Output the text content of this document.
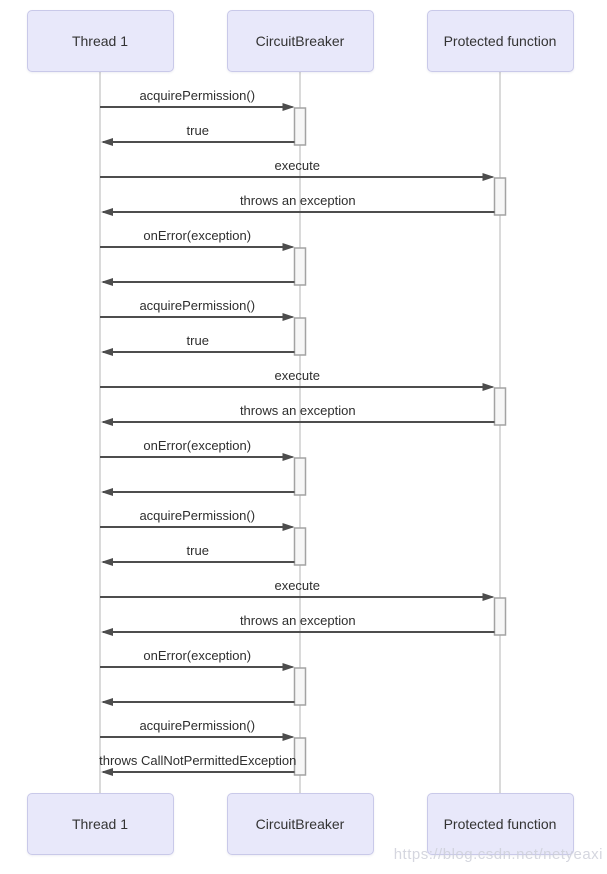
https://blog.csdn.net/netyeaxi
acquirePermission()
true
execute
throws an exception
onError(exception)
acquirePermission()
true
execute
throws an exception
onError(exception)
acquirePermission()
true
execute
throws an exception
onError(exception)
acquirePermission()
throws CallNotPermittedException
Thread 1	CircuitBreaker	Protected function
Thread 1	CircuitBreaker	Protected function
